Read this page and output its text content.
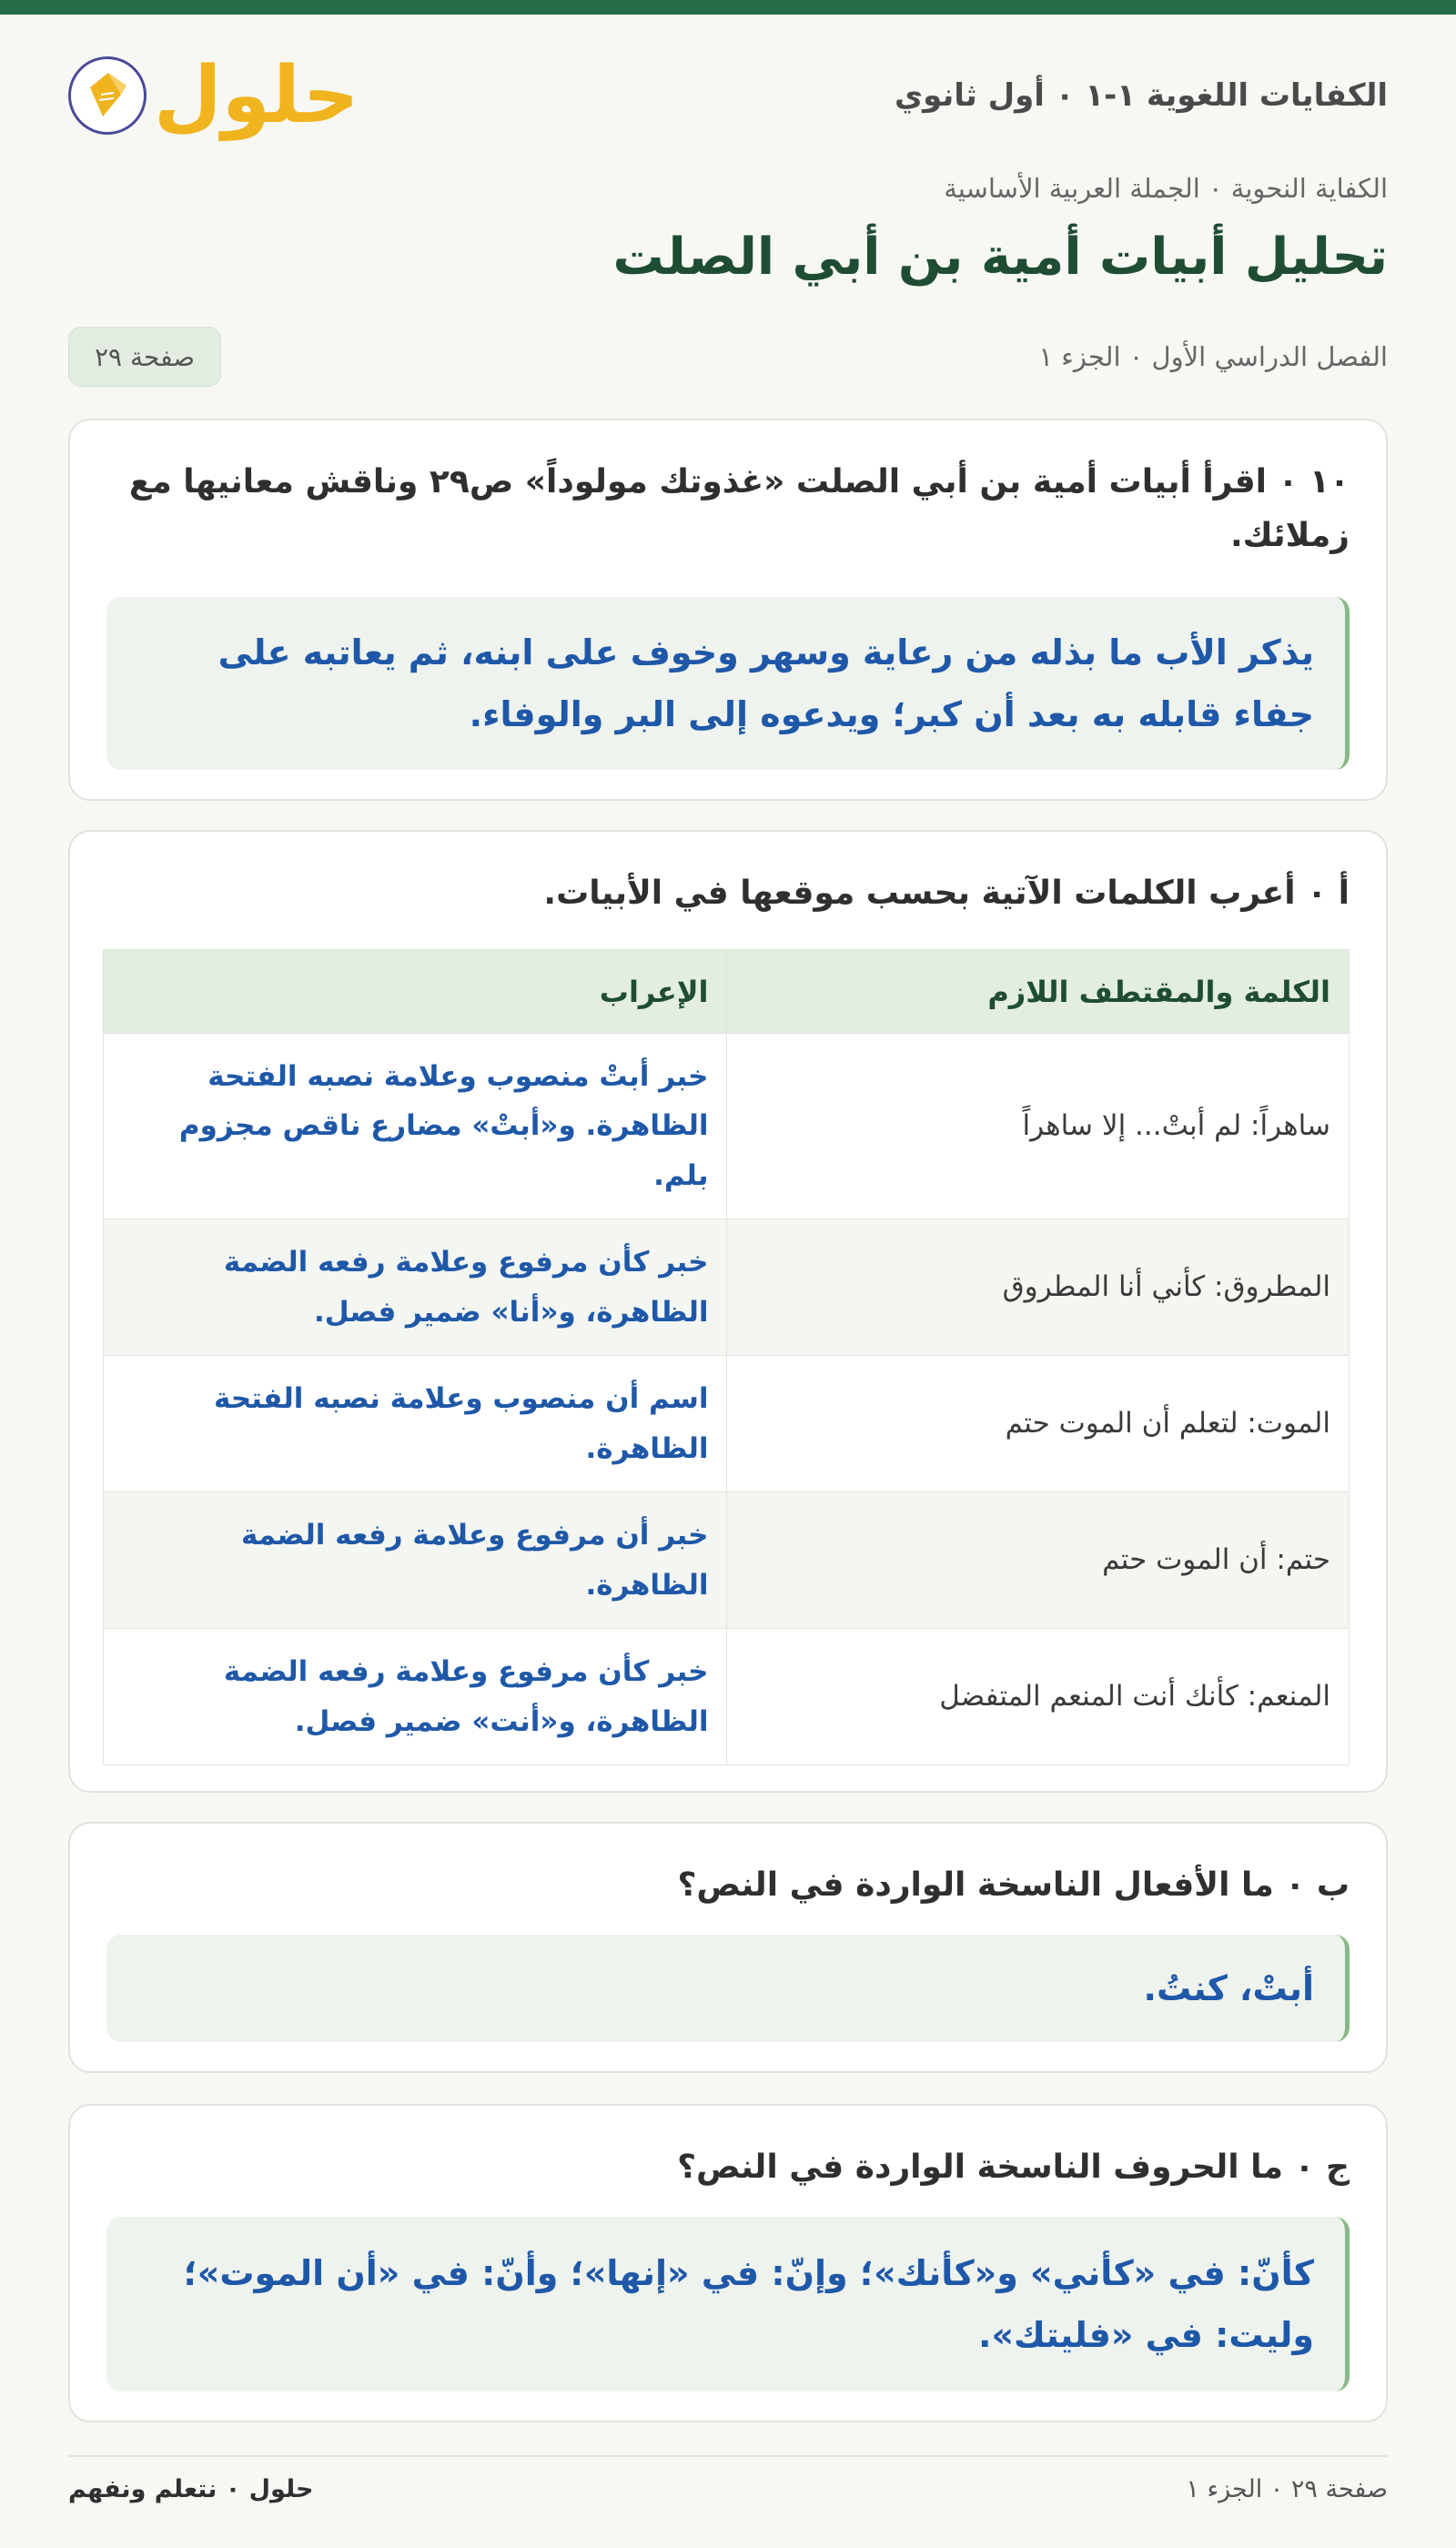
الكفايات اللغوية ١-١ ٠ أول ثانوي
حلول
الكفاية النحوية ٠ الجملة العربية الأساسية
تحليل أبيات أمية بن أبي الصلت
الفصل الدراسي الأول ٠ الجزء ١
صفحة ٢٩
١٠ ٠ اقرأ أبيات أمية بن أبي الصلت «غذوتك مولوداً» ص٢٩ وناقش معانيها مع زملائك.
يذكر الأب ما بذله من رعاية وسهر وخوف على ابنه، ثم يعاتبه على جفاء قابله به بعد أن كبر؛ ويدعوه إلى البر والوفاء.
أ ٠ أعرب الكلمات الآتية بحسب موقعها في الأبيات.
الكلمة والمقتطف اللازم	الإعراب
ساهراً: لم أبتْ... إلا ساهراً	خبر أبتْ منصوب وعلامة نصبه الفتحة الظاهرة. و«أبتْ» مضارع ناقص مجزوم بلم.
المطروق: كأني أنا المطروق	خبر كأن مرفوع وعلامة رفعه الضمة الظاهرة، و«أنا» ضمير فصل.
الموت: لتعلم أن الموت حتم	اسم أن منصوب وعلامة نصبه الفتحة الظاهرة.
حتم: أن الموت حتم	خبر أن مرفوع وعلامة رفعه الضمة الظاهرة.
المنعم: كأنك أنت المنعم المتفضل	خبر كأن مرفوع وعلامة رفعه الضمة الظاهرة، و«أنت» ضمير فصل.
ب ٠ ما الأفعال الناسخة الواردة في النص؟
أبتْ، كنتُ.
ج ٠ ما الحروف الناسخة الواردة في النص؟
كأنّ: في «كأني» و«كأنك»؛ وإنّ: في «إنها»؛ وأنّ: في «أن الموت»؛ وليت: في «فليتك».
صفحة ٢٩ ٠ الجزء ١
حلول ٠ نتعلم ونفهم
